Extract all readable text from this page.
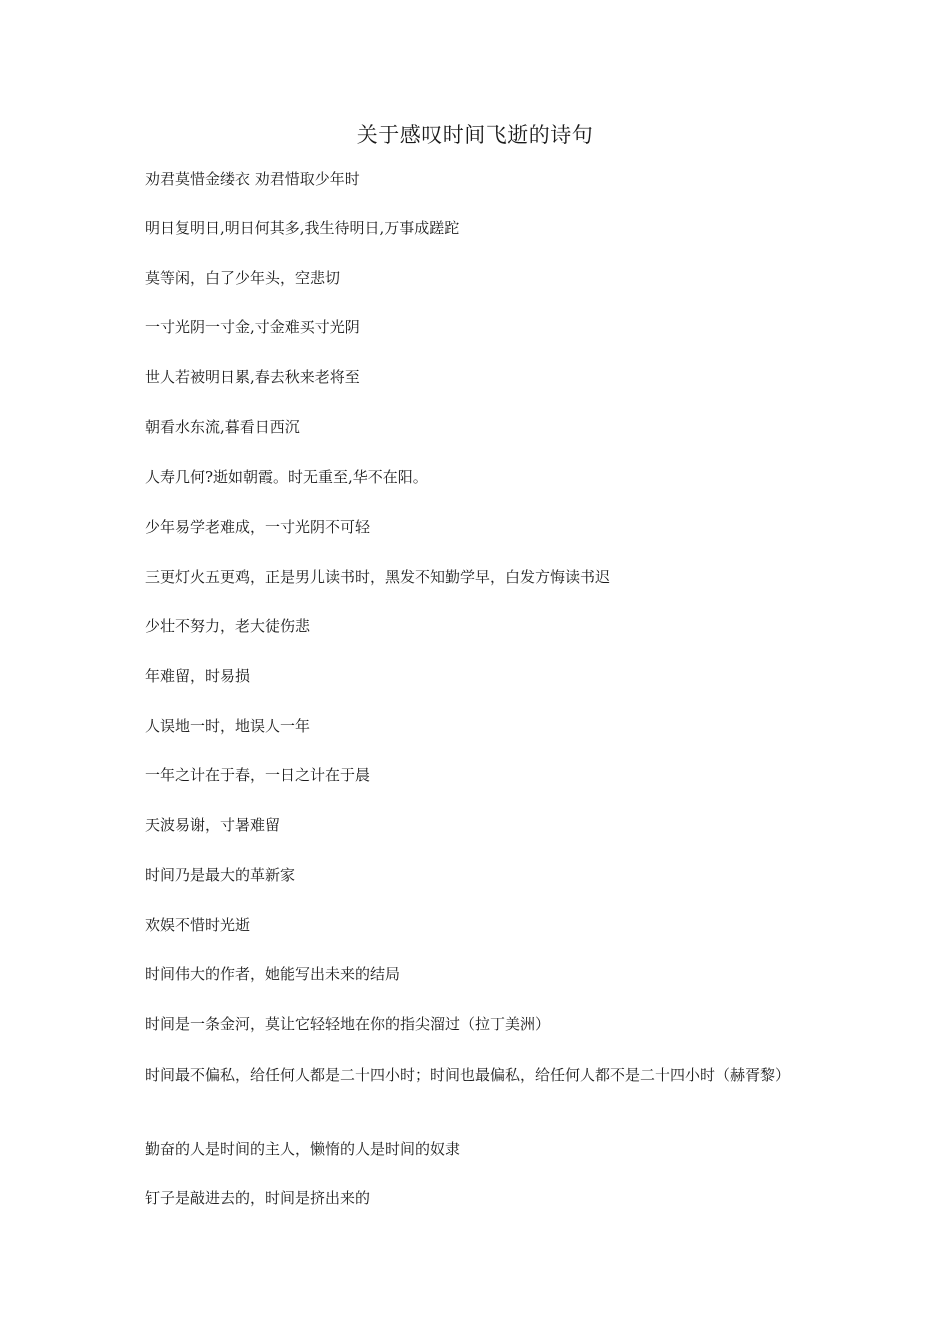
关于感叹时间飞逝的诗句
劝君莫惜金缕衣 劝君惜取少年时
明日复明日,明日何其多,我生待明日,万事成蹉跎
莫等闲，白了少年头，空悲切
一寸光阴一寸金,寸金难买寸光阴
世人若被明日累,春去秋来老将至
朝看水东流,暮看日西沉
人寿几何?逝如朝霞。时无重至,华不在阳。
少年易学老难成，一寸光阴不可轻
三更灯火五更鸡，正是男儿读书时，黑发不知勤学早，白发方悔读书迟
少壮不努力，老大徒伤悲
年难留，时易损
人误地一时，地误人一年
一年之计在于春，一日之计在于晨
天波易谢，寸暑难留
时间乃是最大的革新家
欢娱不惜时光逝
时间伟大的作者，她能写出未来的结局
时间是一条金河，莫让它轻轻地在你的指尖溜过（拉丁美洲）
时间最不偏私，给任何人都是二十四小时；时间也最偏私，给任何人都不是二十四小时（赫胥黎）
勤奋的人是时间的主人，懒惰的人是时间的奴隶
钉子是敲进去的，时间是挤出来的
